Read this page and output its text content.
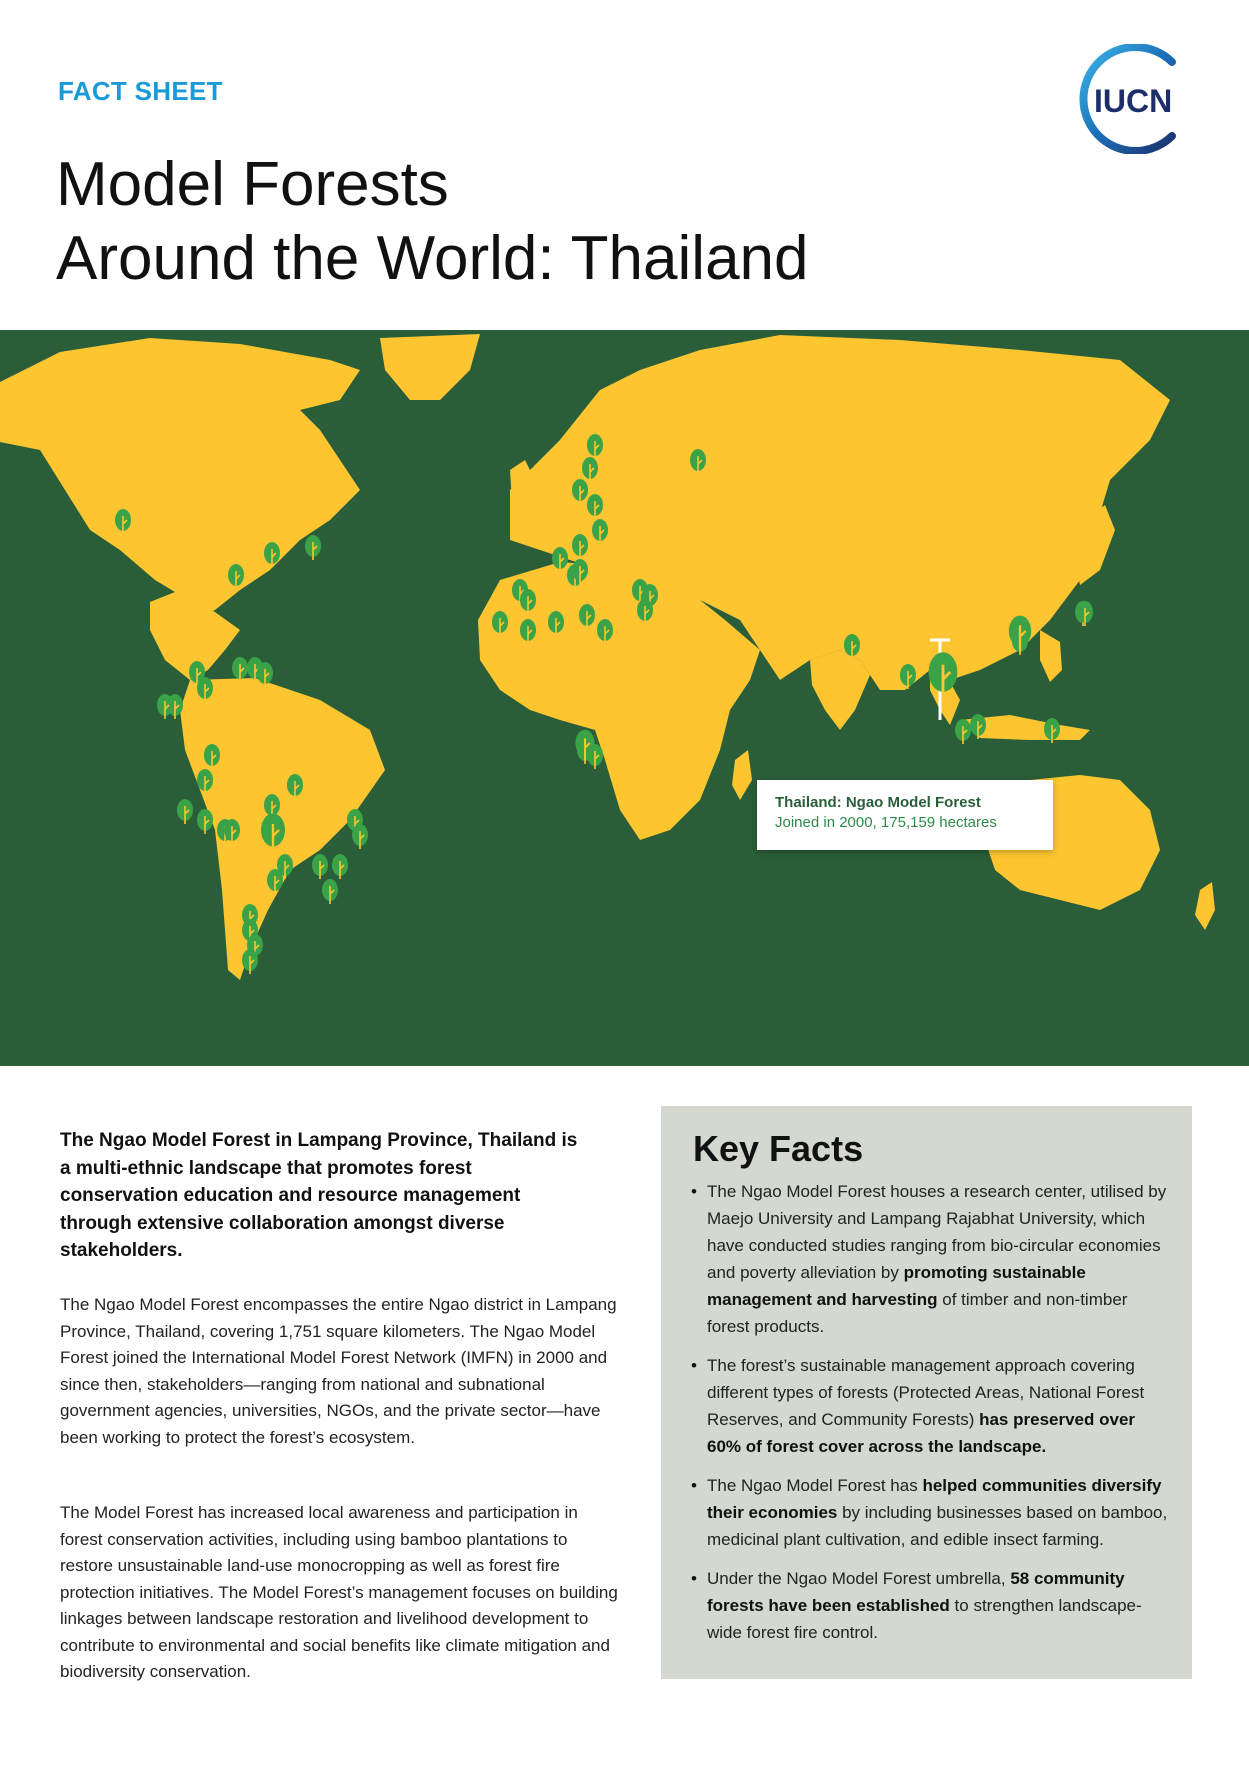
FACT SHEET
Model Forests
Around the World: Thailand
IUCN
Thailand: Ngao Model Forest
Joined in 2000, 175,159 hectares

The Ngao Model Forest in Lampang Province, Thailand is a multi-ethnic landscape that promotes forest conservation education and resource management through extensive collaboration amongst diverse stakeholders.

The Ngao Model Forest encompasses the entire Ngao district in Lampang Province, Thailand, covering 1,751 square kilometers. The Ngao Model Forest joined the International Model Forest Network (IMFN) in 2000 and since then, stakeholders—ranging from national and subnational government agencies, universities, NGOs, and the private sector—have been working to protect the forest’s ecosystem.

The Model Forest has increased local awareness and participation in forest conservation activities, including using bamboo plantations to restore unsustainable land-use monocropping as well as forest fire protection initiatives. The Model Forest’s management focuses on building linkages between landscape restoration and livelihood development to contribute to environmental and social benefits like climate mitigation and biodiversity conservation.

Key Facts
• The Ngao Model Forest houses a research center, utilised by Maejo University and Lampang Rajabhat University, which have conducted studies ranging from bio-circular economies and poverty alleviation by promoting sustainable management and harvesting of timber and non-timber forest products.
• The forest’s sustainable management approach covering different types of forests (Protected Areas, National Forest Reserves, and Community Forests) has preserved over 60% of forest cover across the landscape.
• The Ngao Model Forest has helped communities diversify their economies by including businesses based on bamboo, medicinal plant cultivation, and edible insect farming.
• Under the Ngao Model Forest umbrella, 58 community forests have been established to strengthen landscape-wide forest fire control.
